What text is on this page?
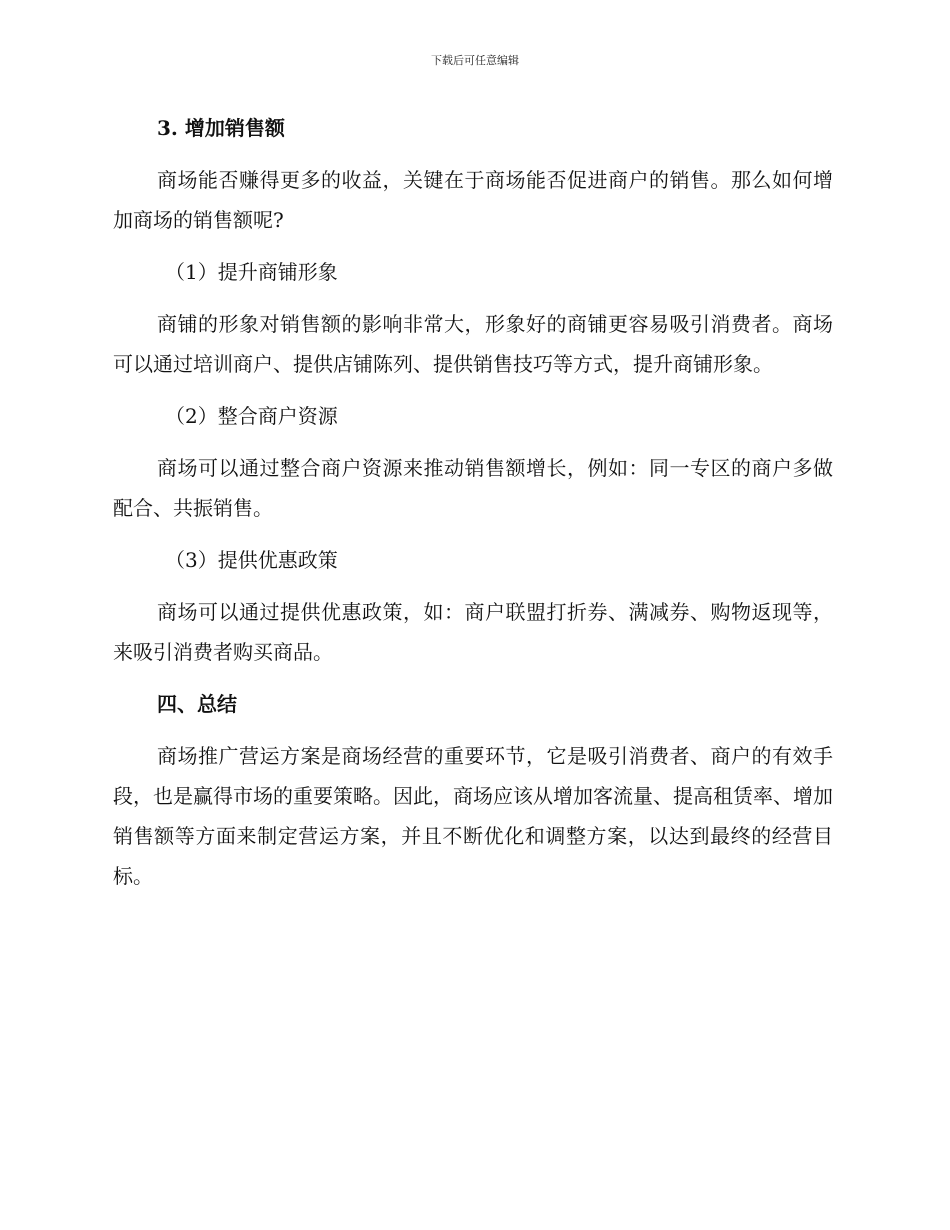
下载后可任意编辑
3. 增加销售额

商场能否赚得更多的收益，关键在于商场能否促进商户的销售。那么如何增加商场的销售额呢?

（1）提升商铺形象

商铺的形象对销售额的影响非常大，形象好的商铺更容易吸引消费者。商场可以通过培训商户、提供店铺陈列、提供销售技巧等方式，提升商铺形象。

（2）整合商户资源

商场可以通过整合商户资源来推动销售额增长，例如：同一专区的商户多做配合、共振销售。

（3）提供优惠政策

商场可以通过提供优惠政策，如：商户联盟打折券、满减券、购物返现等，来吸引消费者购买商品。

四、总结

商场推广营运方案是商场经营的重要环节，它是吸引消费者、商户的有效手段，也是赢得市场的重要策略。因此，商场应该从增加客流量、提高租赁率、增加销售额等方面来制定营运方案，并且不断优化和调整方案，以达到最终的经营目标。
